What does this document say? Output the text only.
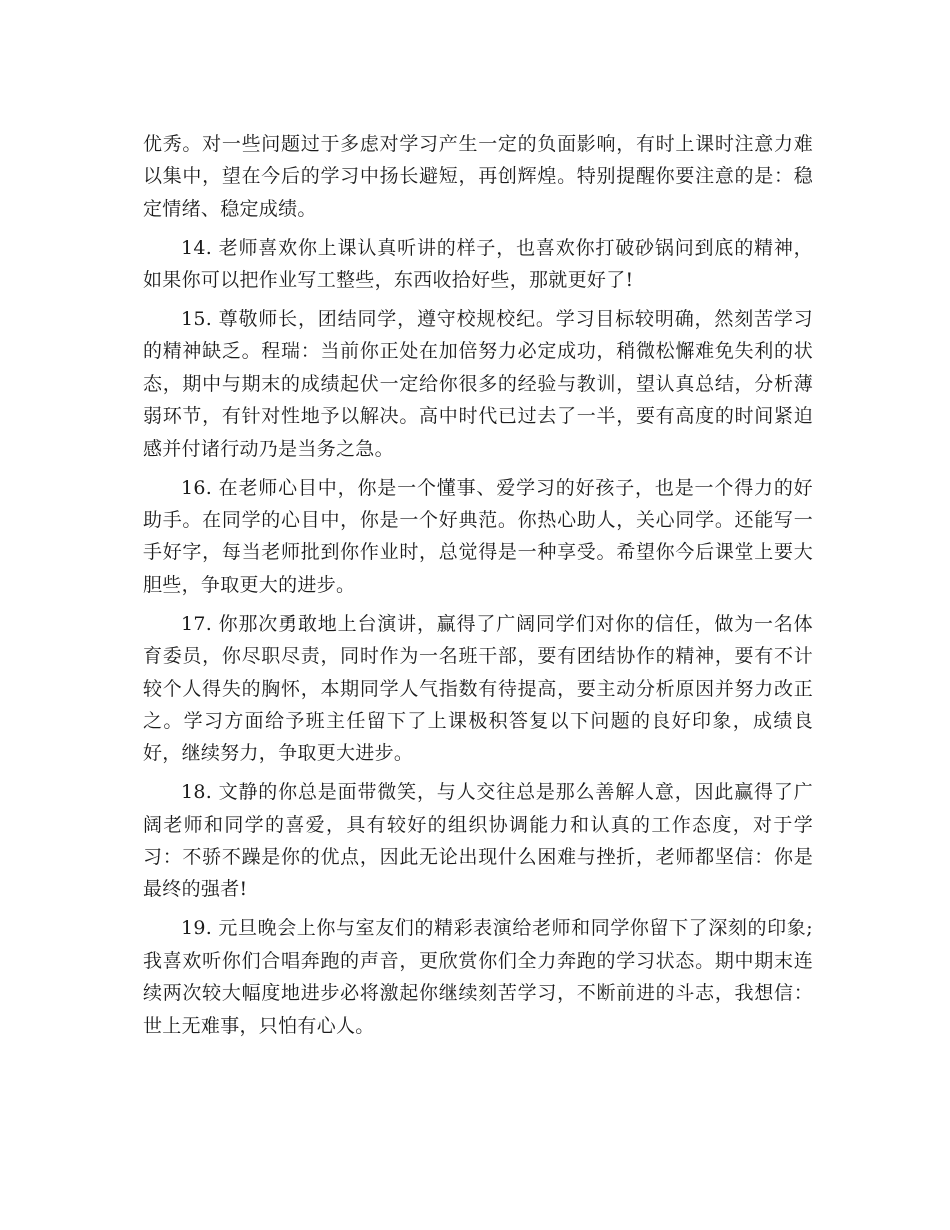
优秀。对一些问题过于多虑对学习产生一定的负面影响，有时上课时注意力难以集中，望在今后的学习中扬长避短，再创辉煌。特别提醒你要注意的是：稳定情绪、稳定成绩。

14. 老师喜欢你上课认真听讲的样子，也喜欢你打破砂锅问到底的精神，如果你可以把作业写工整些，东西收拾好些，那就更好了!

15. 尊敬师长，团结同学，遵守校规校纪。学习目标较明确，然刻苦学习的精神缺乏。程瑞：当前你正处在加倍努力必定成功，稍微松懈难免失利的状态，期中与期末的成绩起伏一定给你很多的经验与教训，望认真总结，分析薄弱环节，有针对性地予以解决。高中时代已过去了一半，要有高度的时间紧迫感并付诸行动乃是当务之急。

16. 在老师心目中，你是一个懂事、爱学习的好孩子，也是一个得力的好助手。在同学的心目中，你是一个好典范。你热心助人，关心同学。还能写一手好字，每当老师批到你作业时，总觉得是一种享受。希望你今后课堂上要大胆些，争取更大的进步。

17. 你那次勇敢地上台演讲，赢得了广阔同学们对你的信任，做为一名体育委员，你尽职尽责，同时作为一名班干部，要有团结协作的精神，要有不计较个人得失的胸怀，本期同学人气指数有待提高，要主动分析原因并努力改正之。学习方面给予班主任留下了上课极积答复以下问题的良好印象，成绩良好，继续努力，争取更大进步。

18. 文静的你总是面带微笑，与人交往总是那么善解人意，因此赢得了广阔老师和同学的喜爱，具有较好的组织协调能力和认真的工作态度，对于学习：不骄不躁是你的优点，因此无论出现什么困难与挫折，老师都坚信：你是最终的强者!

19. 元旦晚会上你与室友们的精彩表演给老师和同学你留下了深刻的印象;我喜欢听你们合唱奔跑的声音，更欣赏你们全力奔跑的学习状态。期中期末连续两次较大幅度地进步必将激起你继续刻苦学习，不断前进的斗志，我想信：世上无难事，只怕有心人。
